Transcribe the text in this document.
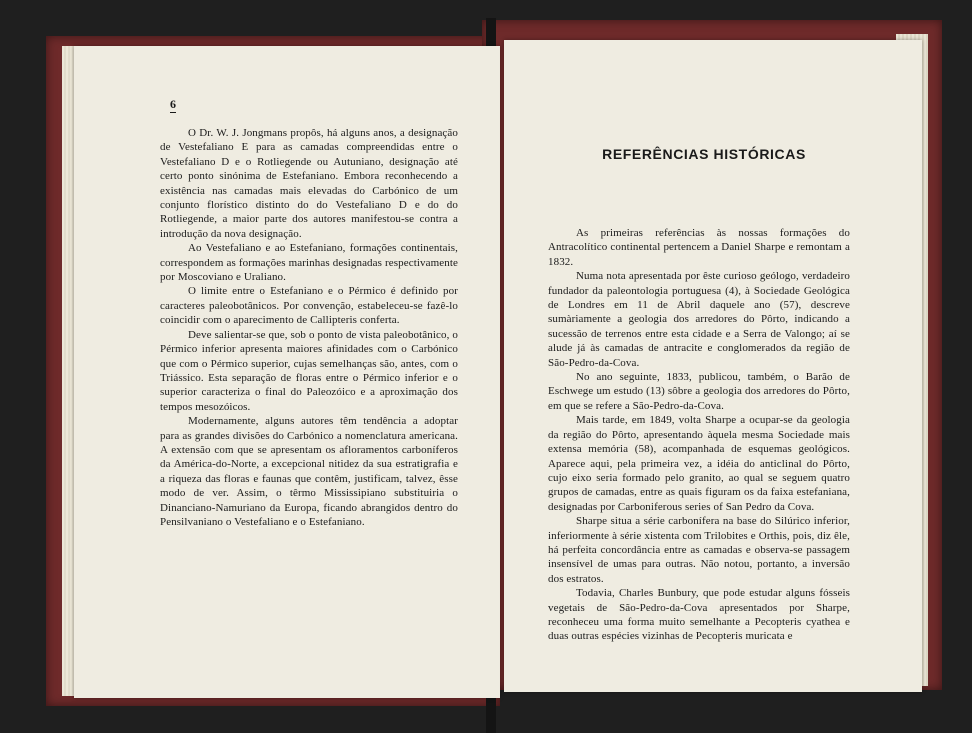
6

O Dr. W. J. Jongmans propôs, há alguns anos, a designação de Vestefaliano E para as camadas compreendidas entre o Vestefaliano D e o Rotliegende ou Autuniano, designação até certo ponto sinónima de Estefaniano. Embora reconhecendo a existência nas camadas mais elevadas do Carbónico de um conjunto florístico distinto do do Vestefaliano D e do do Rotliegende, a maior parte dos autores manifestou-se contra a introdução da nova designação.

Ao Vestefaliano e ao Estefaniano, formações continentais, correspondem as formações marinhas designadas respectivamente por Moscoviano e Uraliano.

O limite entre o Estefaniano e o Pérmico é definido por caracteres paleobotânicos. Por convenção, estabeleceu-se fazê-lo coincidir com o aparecimento de Callipteris conferta.

Deve salientar-se que, sob o ponto de vista paleobotânico, o Pérmico inferior apresenta maiores afinidades com o Carbónico que com o Pérmico superior, cujas semelhanças são, antes, com o Triássico. Esta separação de floras entre o Pérmico inferior e o superior caracteriza o final do Paleozóico e a aproximação dos tempos mesozóicos.

Modernamente, alguns autores têm tendência a adoptar para as grandes divisões do Carbónico a nomenclatura americana. A extensão com que se apresentam os afloramentos carboníferos da América-do-Norte, a excepcional nitidez da sua estratigrafia e a riqueza das floras e faunas que contêm, justificam, talvez, êsse modo de ver. Assim, o têrmo Mississipiano substituiria o Dinanciano-Namuriano da Europa, ficando abrangidos dentro do Pensilvaniano o Vestefaliano e o Estefaniano.

REFERÊNCIAS HISTÓRICAS

As primeiras referências às nossas formações do Antracolítico continental pertencem a Daniel Sharpe e remontam a 1832.

Numa nota apresentada por êste curioso geólogo, verdadeiro fundador da paleontologia portuguesa (4), à Sociedade Geológica de Londres em 11 de Abril daquele ano (57), descreve sumàriamente a geologia dos arredores do Pôrto, indicando a sucessão de terrenos entre esta cidade e a Serra de Valongo; aí se alude já às camadas de antracite e conglomerados da região de São-Pedro-da-Cova.

No ano seguinte, 1833, publicou, também, o Barão de Eschwege um estudo (13) sôbre a geologia dos arredores do Pôrto, em que se refere a São-Pedro-da-Cova.

Mais tarde, em 1849, volta Sharpe a ocupar-se da geologia da região do Pôrto, apresentando àquela mesma Sociedade mais extensa memória (58), acompanhada de esquemas geológicos. Aparece aqui, pela primeira vez, a idéia do anticlinal do Pôrto, cujo eixo seria formado pelo granito, ao qual se seguem quatro grupos de camadas, entre as quais figuram os da faixa estefaniana, designadas por Carboniferous series of San Pedro da Cova.

Sharpe situa a série carbonífera na base do Silúrico inferior, inferiormente à série xistenta com Trilobites e Orthis, pois, diz êle, há perfeita concordância entre as camadas e observa-se passagem insensível de umas para outras. Não notou, portanto, a inversão dos estratos.

Todavia, Charles Bunbury, que pode estudar alguns fósseis vegetais de São-Pedro-da-Cova apresentados por Sharpe, reconheceu uma forma muito semelhante a Pecopteris cyathea e duas outras espécies vizinhas de Pecopteris muricata e
